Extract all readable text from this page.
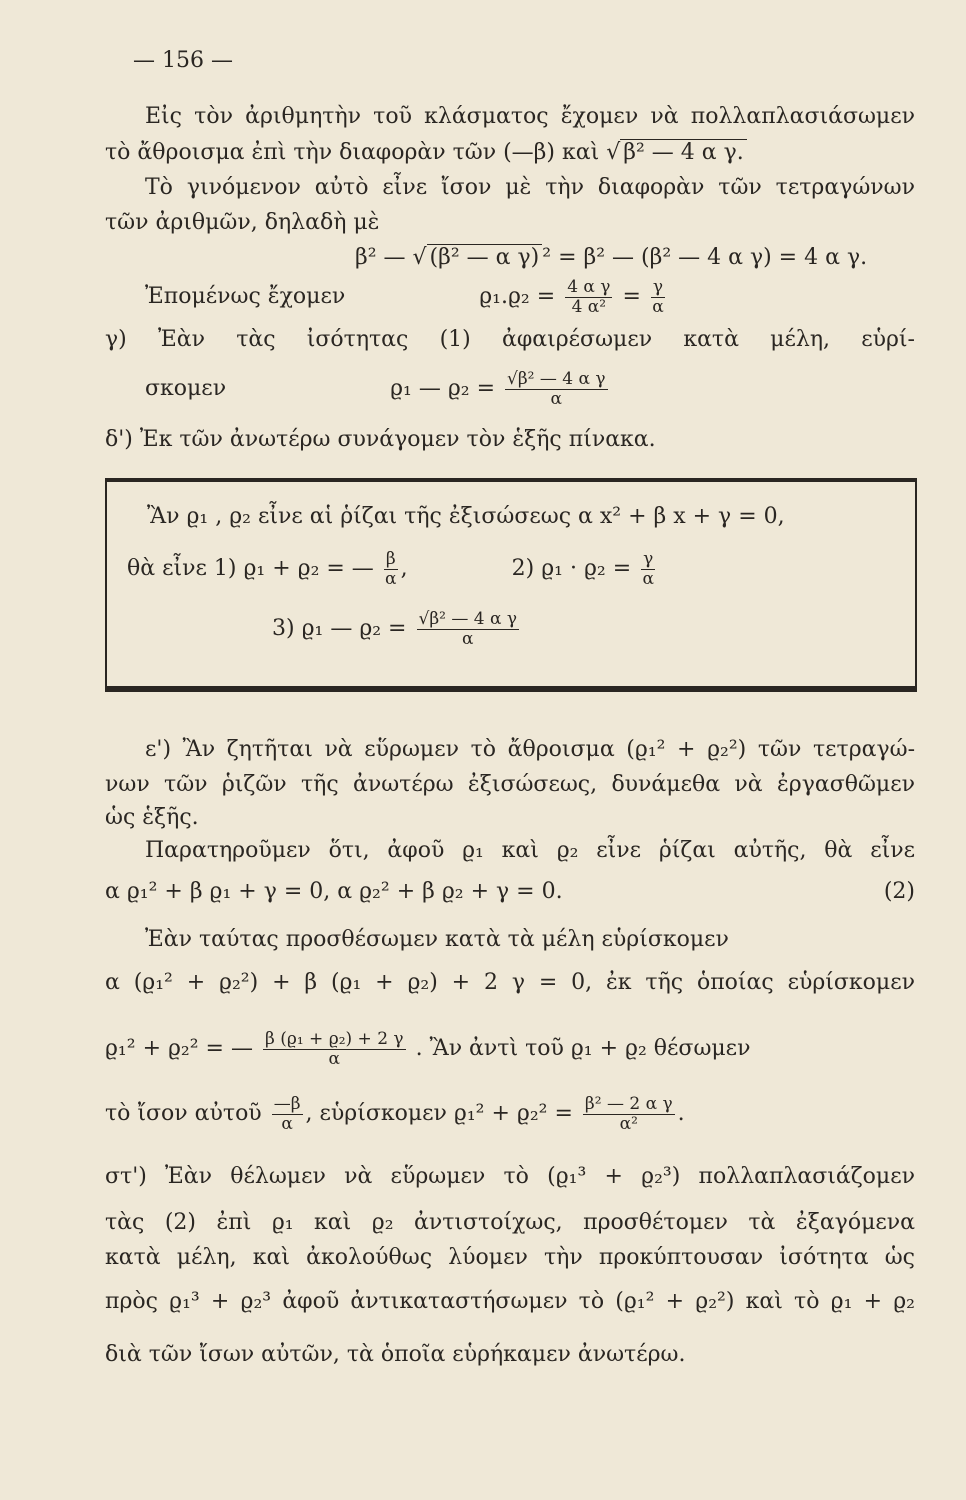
— 156 —
Εἰς τὸν ἀριθμητὴν τοῦ κλάσματος ἔχομεν νὰ πολλαπλασιάσωμεν
τὸ ἄθροισμα ἐπὶ τὴν διαφορὰν τῶν (—β) καὶ √ β² — 4 α γ.
Τὸ γινόμενον αὐτὸ εἶνε ἴσον μὲ τὴν διαφορὰν τῶν τετραγώνων
τῶν ἀριθμῶν, δηλαδὴ μὲ
β² — √ (β² — α γ) ² = β² — (β² — 4 α γ) = 4 α γ.
Ἐπομένως ἔχομεν	$ϱ_1.ϱ_2 = \frac{\text{4 α γ}}{\text{4 α²}} = \frac{\gamma}{\alpha}$
γ) Ἐὰν τὰς ἰσότητας (1) ἀφαιρέσωμεν κατὰ μέλη, εὑρί-
σκομεν	ϱ₁ — $ϱ_2 = \frac{\text{√β² — 4 α γ}}{\alpha}$
δ') Ἐκ τῶν ἀνωτέρω συνάγομεν τὸν ἑξῆς πίνακα.
Ἂν ϱ₁ , ϱ₂ εἶνε αἱ ῥίζαι τῆς ἐξισώσεως α x² + β x + γ = 0,
θὰ εἶνε 1) ϱ₁ + ϱ₂ = — $\frac{\beta}{\alpha}$ ,	2) $ϱ_1 \cdot ϱ_2 = \frac{\gamma}{\alpha}$
3) ϱ₁ — $ϱ_2 = \frac{\text{√β² — 4 α γ}}{\alpha}$
ε') Ἂν ζητῆται νὰ εὕρωμεν τὸ ἄθροισμα (ϱ₁² + ϱ₂²) τῶν τετραγώ-
νων τῶν ῥιζῶν τῆς ἀνωτέρω ἐξισώσεως, δυνάμεθα νὰ ἐργασθῶμεν
ὡς ἑξῆς.
Παρατηροῦμεν ὅτι, ἀφοῦ ϱ₁ καὶ ϱ₂ εἶνε ῥίζαι αὐτῆς, θὰ εἶνε
α ϱ₁² + β ϱ₁ + γ = 0, α ϱ₂² + β ϱ₂ + γ = 0.	(2)
Ἐὰν ταύτας προσθέσωμεν κατὰ τὰ μέλη εὑρίσκομεν
α (ϱ₁² + ϱ₂²) + β (ϱ₁ + ϱ₂) + 2 γ = 0, ἐκ τῆς ὁποίας εὑρίσκομεν
ϱ₁² + ϱ₂² = — $\frac{\text{β (ϱ₁ + ϱ₂) + 2 γ}}{\alpha}$ . Ἂν ἀντὶ τοῦ ϱ₁ + ϱ₂ θέσωμεν
τὸ ἴσον αὐτοῦ $\frac{—\beta}{\alpha}$ , εὑρίσκομεν $ϱ_1^2 + ϱ_2^2 = \frac{\text{β² — 2 α γ}}{\text{α²}}$ .
στ') Ἐὰν θέλωμεν νὰ εὕρωμεν τὸ (ϱ₁³ + ϱ₂³) πολλαπλασιάζομεν
τὰς (2) ἐπὶ ϱ₁ καὶ ϱ₂ ἀντιστοίχως, προσθέτομεν τὰ ἐξαγόμενα
κατὰ μέλη, καὶ ἀκολούθως λύομεν τὴν προκύπτουσαν ἰσότητα ὡς
πρὸς ϱ₁³ + ϱ₂³ ἀφοῦ ἀντικαταστήσωμεν τὸ (ϱ₁² + ϱ₂²) καὶ τὸ ϱ₁ + ϱ₂
διὰ τῶν ἴσων αὐτῶν, τὰ ὁποῖα εὑρήκαμεν ἀνωτέρω.
